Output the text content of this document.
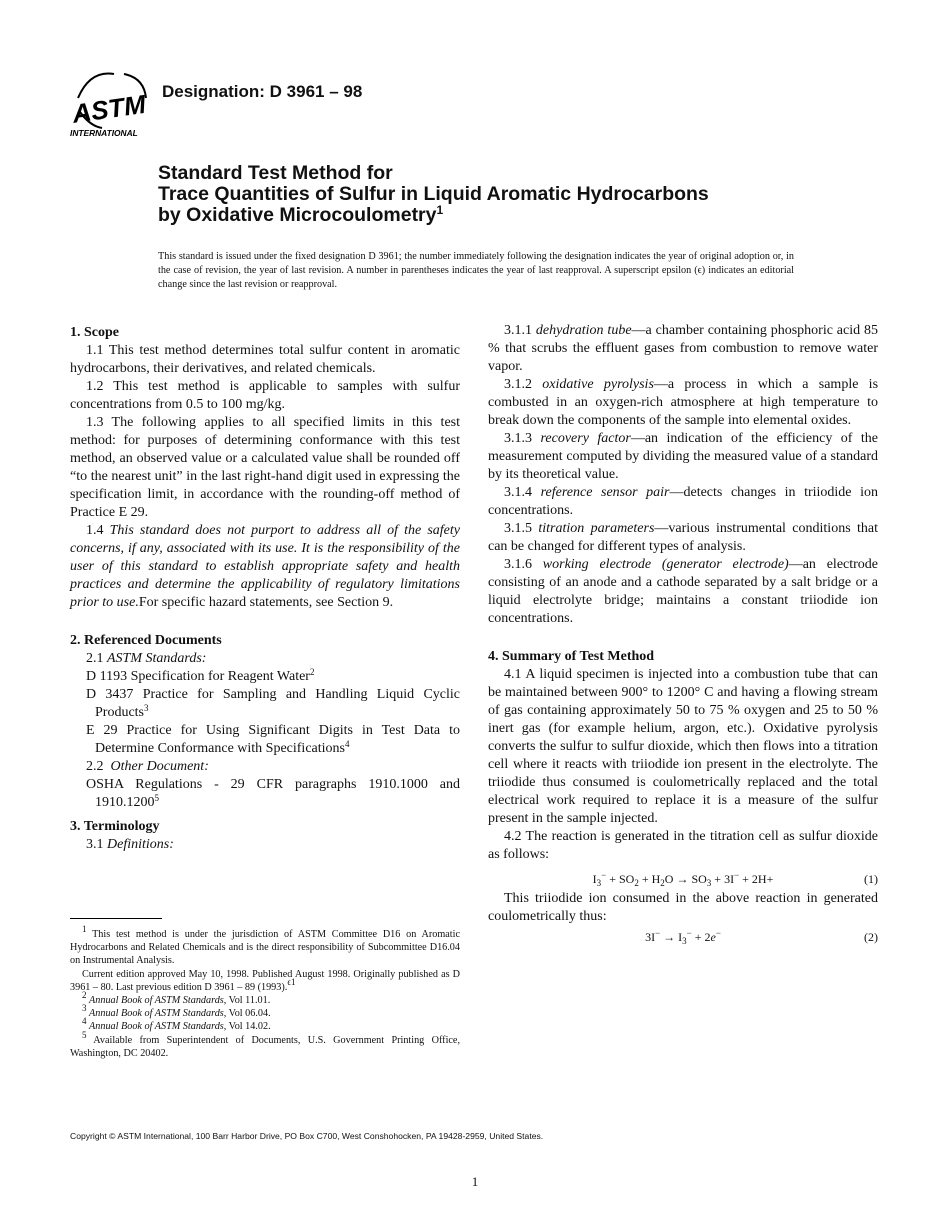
ASTM
INTERNATIONAL
Designation: D 3961 – 98
Standard Test Method for
Trace Quantities of Sulfur in Liquid Aromatic Hydrocarbons
by Oxidative Microcoulometry$^1$
This standard is issued under the fixed designation D 3961; the number immediately following the designation indicates the year of original adoption or, in the case of revision, the year of last revision. A number in parentheses indicates the year of last reapproval. A superscript epsilon (ϵ) indicates an editorial change since the last revision or reapproval.
1. Scope

1.1 This test method determines total sulfur content in aromatic hydrocarbons, their derivatives, and related chemicals.

1.2 This test method is applicable to samples with sulfur concentrations from 0.5 to 100 mg/kg.

1.3 The following applies to all specified limits in this test method: for purposes of determining conformance with this test method, an observed value or a calculated value shall be rounded off “to the nearest unit” in the last right-hand digit used in expressing the specification limit, in accordance with the rounding-off method of Practice E 29.

1.4 This standard does not purport to address all of the safety concerns, if any, associated with its use. It is the responsibility of the user of this standard to establish appropriate safety and health practices and determine the applicability of regulatory limitations prior to use.For specific hazard statements, see Section 9.

2. Referenced Documents

2.1 ASTM Standards:

D 1193 Specification for Reagent Water$^2$
D 3437 Practice for Sampling and Handling Liquid Cyclic Products$^3$
E 29 Practice for Using Significant Digits in Test Data to Determine Conformance with Specifications$^4$

2.2 Other Document:

OSHA Regulations - 29 CFR paragraphs 1910.1000 and 1910.1200$^5$
3. Terminology

3.1 Definitions:

3.1.1 dehydration tube—a chamber containing phosphoric acid 85 % that scrubs the effluent gases from combustion to remove water vapor.

3.1.2 oxidative pyrolysis—a process in which a sample is combusted in an oxygen-rich atmosphere at high temperature to break down the components of the sample into elemental oxides.

3.1.3 recovery factor—an indication of the efficiency of the measurement computed by dividing the measured value of a standard by its theoretical value.

3.1.4 reference sensor pair—detects changes in triiodide ion concentrations.

3.1.5 titration parameters—various instrumental conditions that can be changed for different types of analysis.

3.1.6 working electrode (generator electrode)—an electrode consisting of an anode and a cathode separated by a salt bridge or a liquid electrolyte bridge; maintains a constant triiodide ion concentrations.

4. Summary of Test Method

4.1 A liquid specimen is injected into a combustion tube that can be maintained between 900° to 1200° C and having a flowing stream of gas containing approximately 50 to 75 % oxygen and 25 to 50 % inert gas (for example helium, argon, etc.). Oxidative pyrolysis converts the sulfur to sulfur dioxide, which then flows into a titration cell where it reacts with triiodide ion present in the electrolyte. The triiodide thus consumed is coulometrically replaced and the total electrical work required to replace it is a measure of the sulfur present in the sample injected.

4.2 The reaction is generated in the titration cell as sulfur dioxide as follows:

$I_3^- + SO_2 + H_2O \to SO_3 + 3I^- + 2H+$	(1)

This triiodide ion consumed in the above reaction in generated coulometrically thus:

$3I^- \to I_3^- + 2e^-$	(2)

$^1$ This test method is under the jurisdiction of ASTM Committee D16 on Aromatic Hydrocarbons and Related Chemicals and is the direct responsibility of Subcommittee D16.04 on Instrumental Analysis.

Current edition approved May 10, 1998. Published August 1998. Originally published as D 3961 – 80. Last previous edition D 3961 – 89 (1993).$^{\epsilon 1}$

$^2$ Annual Book of ASTM Standards, Vol 11.01.

$^3$ Annual Book of ASTM Standards, Vol 06.04.

$^4$ Annual Book of ASTM Standards, Vol 14.02.

$^5$ Available from Superintendent of Documents, U.S. Government Printing Office, Washington, DC 20402.

Copyright © ASTM International, 100 Barr Harbor Drive, PO Box C700, West Conshohocken, PA 19428-2959, United States.
1
